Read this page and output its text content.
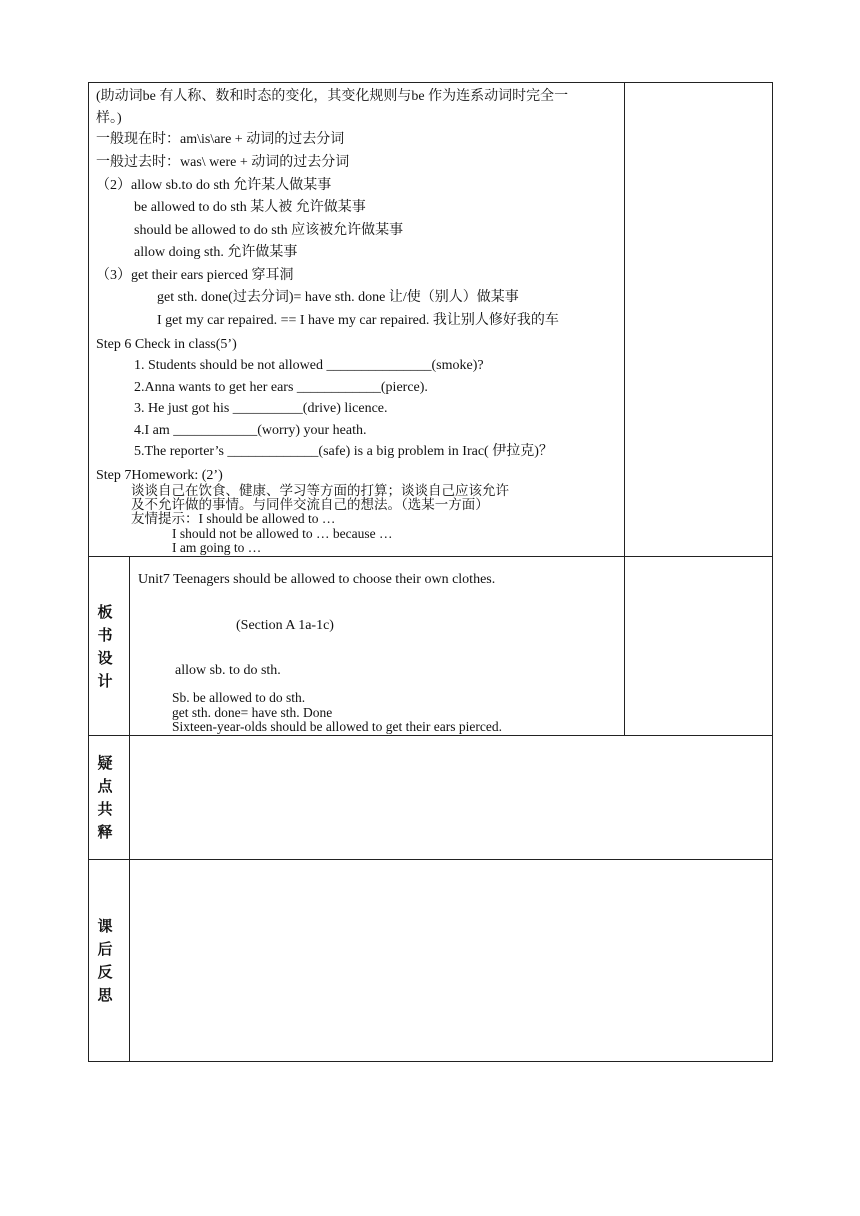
(助动词be 有人称、数和时态的变化，其变化规则与be 作为连系动词时完全一
样。)
一般现在时：am\is\are + 动词的过去分词
一般过去时：was\ were + 动词的过去分词
（2）allow sb.to do sth 允许某人做某事
be allowed to do sth 某人被 允许做某事
should be allowed to do sth 应该被允许做某事
allow doing sth. 允许做某事
（3）get their ears pierced 穿耳洞
get sth. done(过去分词)= have sth. done 让/使（别人）做某事
I get my car repaired. == I have my car repaired. 我让别人修好我的车
Step 6 Check in class(5’)
1. Students should be not allowed _______________(smoke)?
2.Anna wants to get her ears ____________(pierce).
3. He just got his __________(drive) licence.
4.I am ____________(worry) your heath.
5.The reporter’s _____________(safe) is a big problem in Irac( 伊拉克)？
Step 7Homework: (2’)
谈谈自己在饮食、健康、学习等方面的打算；谈谈自己应该允许
及不允许做的事情。与同伴交流自己的想法。（选某一方面）
友情提示：I should be allowed to …
I should not be allowed to … because …
I am going to …
板
书
设
计
Unit7 Teenagers should be allowed to choose their own clothes.
(Section A 1a-1c)
allow sb. to do sth.
Sb. be allowed to do sth.
get sth. done= have sth. Done
Sixteen-year-olds should be allowed to get their ears pierced.
疑
点
共
释
课
后
反
思
